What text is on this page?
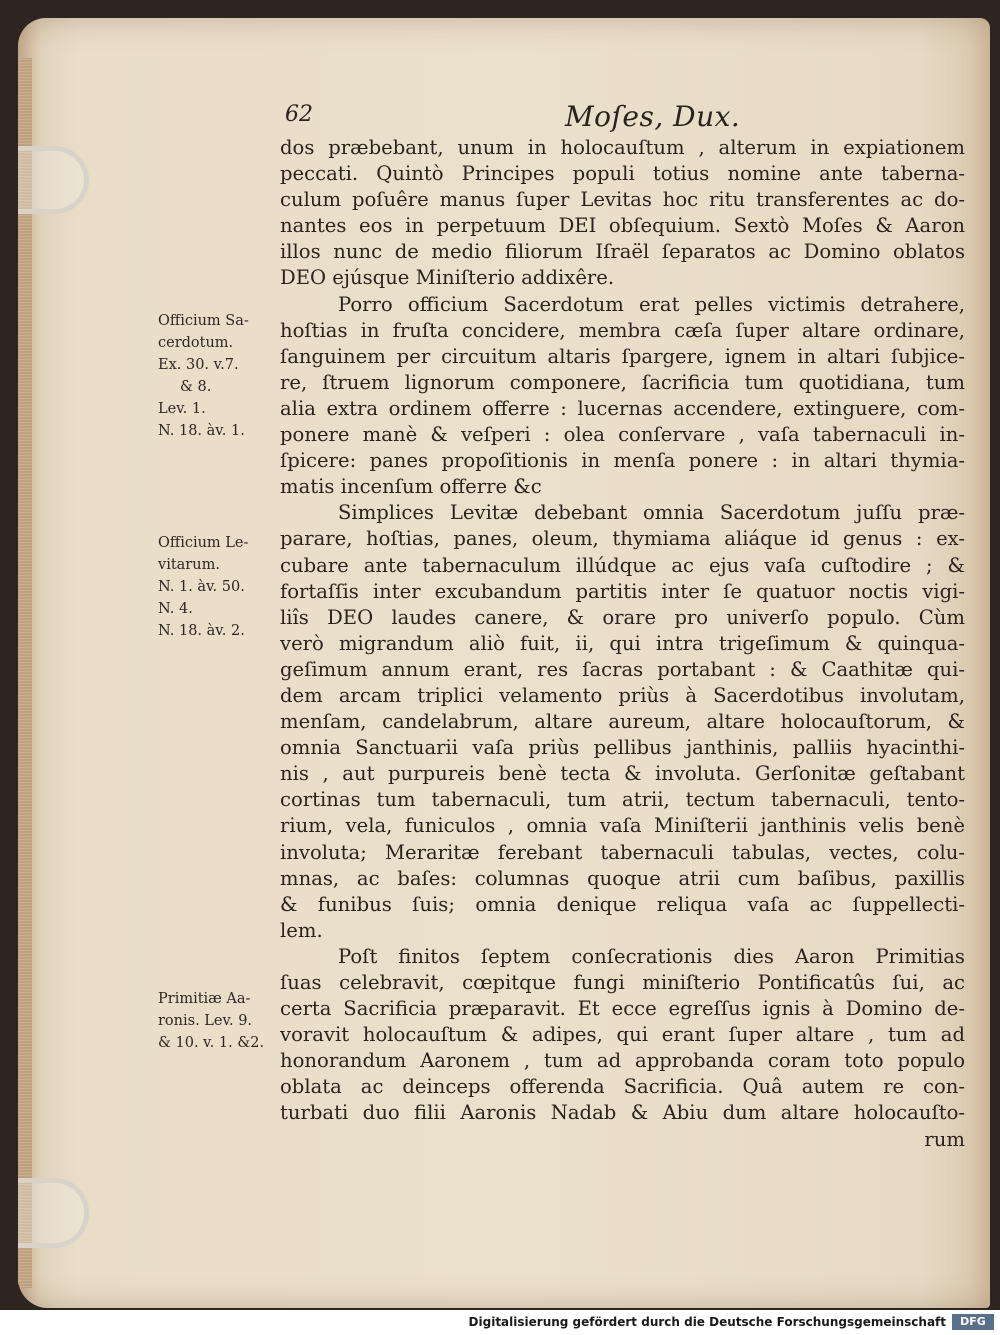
62	Moſes, Dux.
dos præbebant, unum in holocauſtum , alterum in expiationem
peccati. Quintò Principes populi totius nomine ante taberna-
culum poſuêre manus ſuper Levitas hoc ritu transferentes ac do-
nantes eos in perpetuum DEI obſequium. Sextò Moſes & Aaron
illos nunc de medio filiorum Iſraël ſeparatos ac Domino oblatos
DEO ejúsque Miniſterio addixêre.
Porro officium Sacerdotum erat pelles victimis detrahere,
hoſtias in fruſta concidere, membra cæſa ſuper altare ordinare,
ſanguinem per circuitum altaris ſpargere, ignem in altari ſubjice-
re, ſtruem lignorum componere, ſacrificia tum quotidiana, tum
alia extra ordinem offerre : lucernas accendere, extinguere, com-
ponere manè & veſperi : olea conſervare , vaſa tabernaculi in-
ſpicere: panes propoſitionis in menſa ponere : in altari thymia-
matis incenſum offerre &c
Simplices Levitæ debebant omnia Sacerdotum juſſu præ-
parare, hoſtias, panes, oleum, thymiama aliáque id genus : ex-
cubare ante tabernaculum illúdque ac ejus vaſa cuſtodire ; &
fortaſſis inter excubandum partitis inter ſe quatuor noctis vigi-
liîs DEO laudes canere, & orare pro univerſo populo. Cùm
verò migrandum aliò fuit, ii, qui intra trigeſimum & quinqua-
geſimum annum erant, res ſacras portabant : & Caathitæ qui-
dem arcam triplici velamento priùs à Sacerdotibus involutam,
menſam, candelabrum, altare aureum, altare holocauſtorum, &
omnia Sanctuarii vaſa priùs pellibus janthinis, palliis hyacinthi-
nis , aut purpureis benè tecta & involuta. Gerſonitæ geſtabant
cortinas tum tabernaculi, tum atrii, tectum tabernaculi, tento-
rium, vela, funiculos , omnia vaſa Miniſterii janthinis velis benè
involuta; Meraritæ ferebant tabernaculi tabulas, vectes, colu-
mnas, ac baſes: columnas quoque atrii cum baſibus, paxillis
& funibus ſuis; omnia denique reliqua vaſa ac ſuppellecti-
lem.
Poſt finitos ſeptem conſecrationis dies Aaron Primitias
ſuas celebravit, cœpitque fungi miniſterio Pontificatûs ſui, ac
certa Sacrificia præparavit. Et ecce egreſſus ignis à Domino de-
voravit holocauſtum & adipes, qui erant ſuper altare , tum ad
honorandum Aaronem , tum ad approbanda coram toto populo
oblata ac deinceps offerenda Sacrificia. Quâ autem re con-
turbati duo filii Aaronis Nadab & Abiu dum altare holocauſto-
rum
Officium Sa-
cerdotum.
Ex. 30. v.7.
& 8.
Lev. 1.
N. 18. àv. 1.
Officium Le-
vitarum.
N. 1. àv. 50.
N. 4.
N. 18. àv. 2.
Primitiæ Aa-
ronis. Lev. 9.
& 10. v. 1. &2.
Digitalisierung gefördert durch die Deutsche Forschungsgemeinschaft	DFG
